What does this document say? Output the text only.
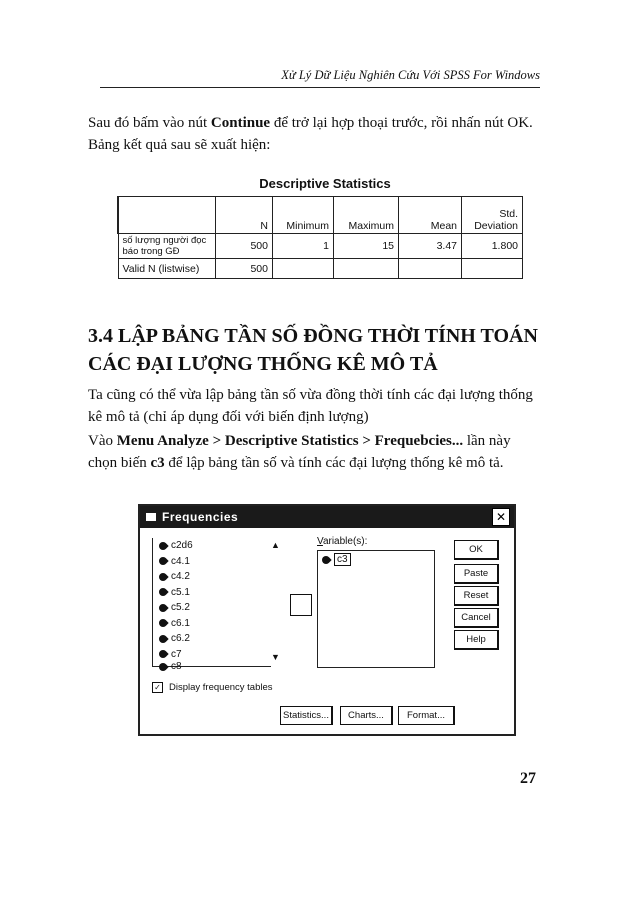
Xử Lý Dữ Liệu Nghiên Cứu Với SPSS For Windows

Sau đó bấm vào nút Continue để trở lại hợp thoại trước, rồi nhấn nút OK. Bảng kết quả sau sẽ xuất hiện:

Descriptive Statistics
	N	Minimum	Maximum	Mean	Std. Deviation
số lượng người đọc báo trong GĐ	500	1	15	3.47	1.800
Valid N (listwise)	500				
3.4 LẬP BẢNG TẦN SỐ ĐỒNG THỜI TÍNH TOÁN CÁC ĐẠI LƯỢNG THỐNG KÊ MÔ TẢ

Ta cũng có thể vừa lập bảng tần số vừa đồng thời tính các đại lượng thống kê mô tả (chỉ áp dụng đối với biến định lượng)

Vào Menu Analyze > Descriptive Statistics > Frequebcies... lần này chọn biến c3 để lập bảng tần số và tính các đại lượng thống kê mô tả.

Frequencies	✕
c2d6
c4.1
c4.2
c5.1
c5.2
c6.1
c6.2
c7
c8
▲
▼
Variable(s):
c3
OK
Paste
Reset
Cancel
Help
✓ Display frequency tables
Statistics...	Charts...	Format...
27
